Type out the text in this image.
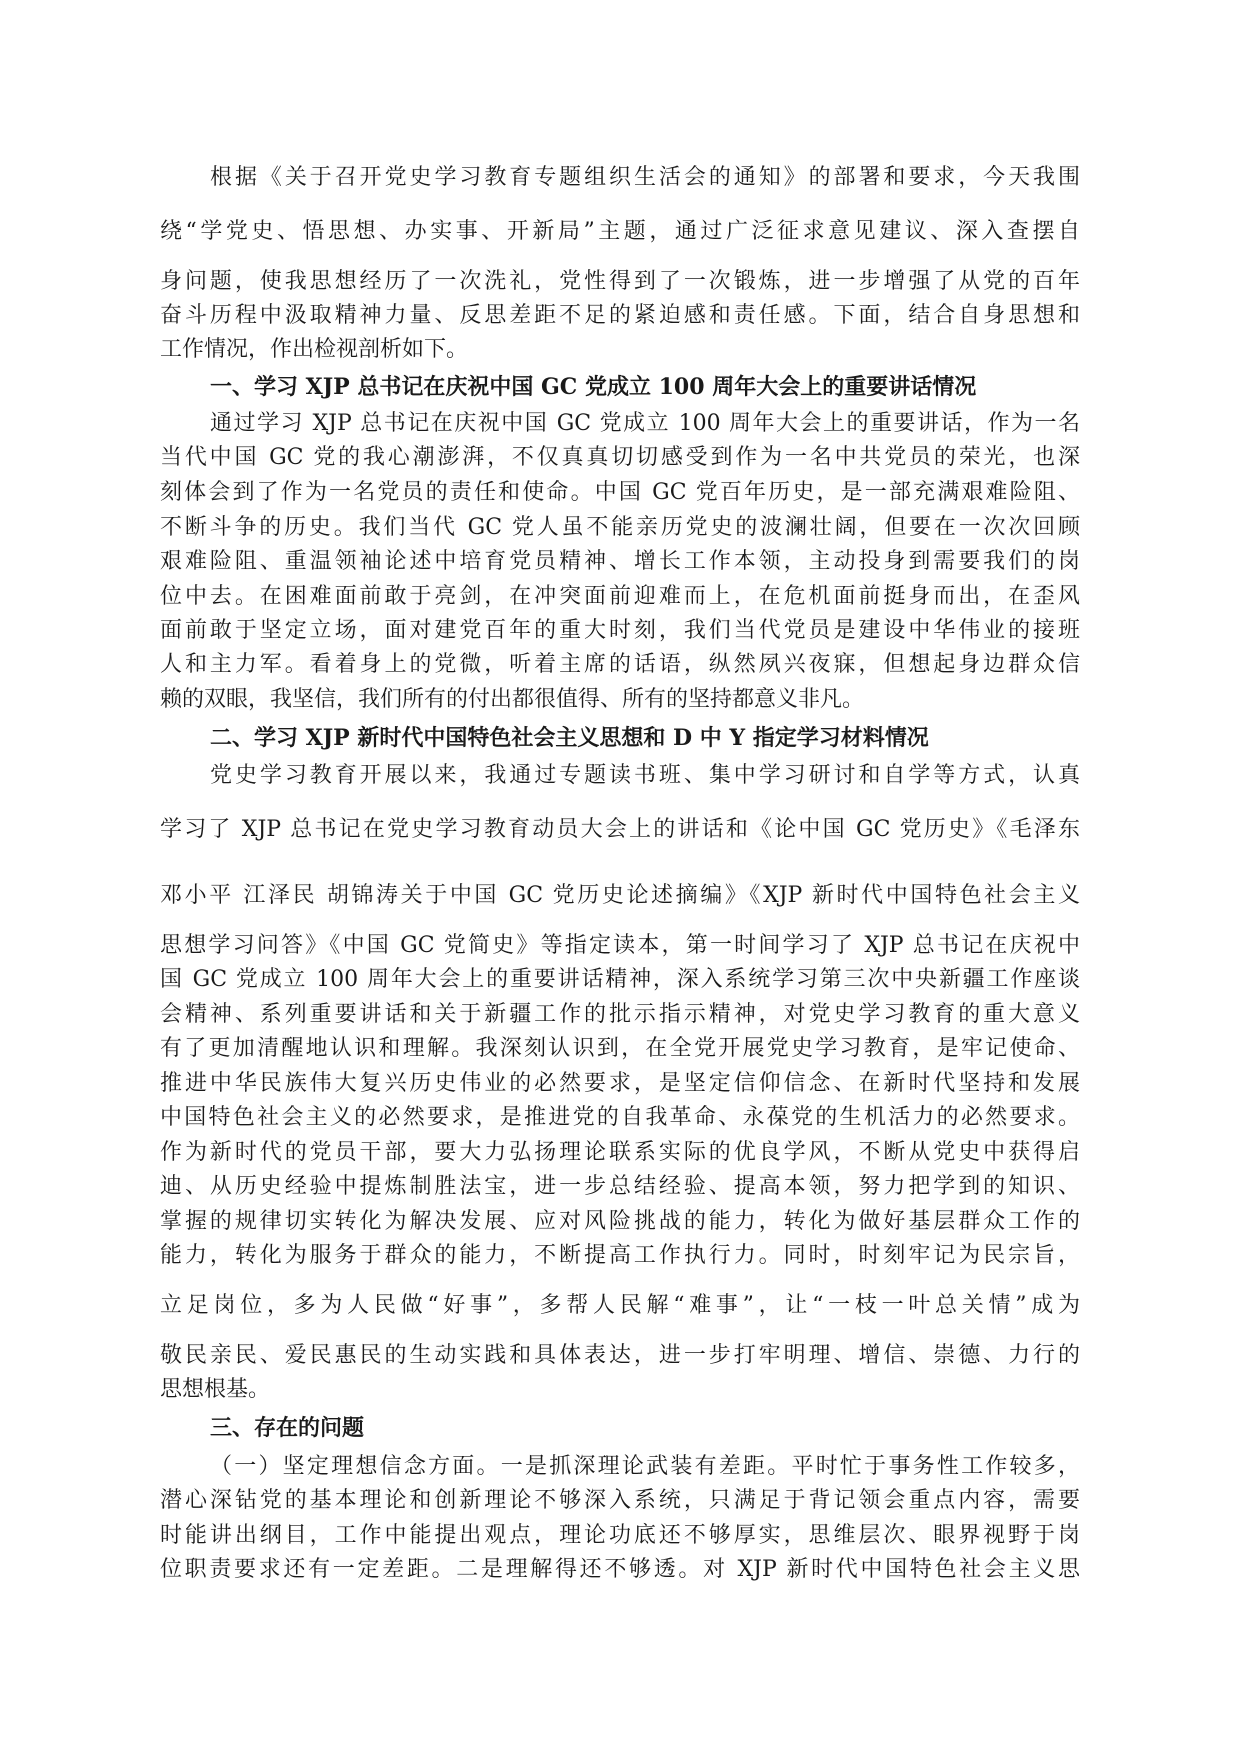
根据《关于召开党史学习教育专题组织生活会的通知》的部署和要求，今天我围
绕“学党史、悟思想、办实事、开新局”主题，通过广泛征求意见建议、深入查摆自
身问题，使我思想经历了一次洗礼，党性得到了一次锻炼，进一步增强了从党的百年
奋斗历程中汲取精神力量、反思差距不足的紧迫感和责任感。下面，结合自身思想和
工作情况，作出检视剖析如下。
一、学习 XJP 总书记在庆祝中国 GC 党成立 100 周年大会上的重要讲话情况
通过学习 XJP 总书记在庆祝中国 GC 党成立 100 周年大会上的重要讲话，作为一名
当代中国 GC 党的我心潮澎湃，不仅真真切切感受到作为一名中共党员的荣光，也深
刻体会到了作为一名党员的责任和使命。中国 GC 党百年历史，是一部充满艰难险阻、
不断斗争的历史。我们当代 GC 党人虽不能亲历党史的波澜壮阔，但要在一次次回顾
艰难险阻、重温领袖论述中培育党员精神、增长工作本领，主动投身到需要我们的岗
位中去。在困难面前敢于亮剑，在冲突面前迎难而上，在危机面前挺身而出，在歪风
面前敢于坚定立场，面对建党百年的重大时刻，我们当代党员是建设中华伟业的接班
人和主力军。看着身上的党微，听着主席的话语，纵然夙兴夜寐，但想起身边群众信
赖的双眼，我坚信，我们所有的付出都很值得、所有的坚持都意义非凡。
二、学习 XJP 新时代中国特色社会主义思想和 D 中 Y 指定学习材料情况
党史学习教育开展以来，我通过专题读书班、集中学习研讨和自学等方式，认真
学习了 XJP 总书记在党史学习教育动员大会上的讲话和《论中国 GC 党历史》《毛泽东
邓小平 江泽民 胡锦涛关于中国 GC 党历史论述摘编》《XJP 新时代中国特色社会主义
思想学习问答》《中国 GC 党简史》等指定读本，第一时间学习了 XJP 总书记在庆祝中
国 GC 党成立 100 周年大会上的重要讲话精神，深入系统学习第三次中央新疆工作座谈
会精神、系列重要讲话和关于新疆工作的批示指示精神，对党史学习教育的重大意义
有了更加清醒地认识和理解。我深刻认识到，在全党开展党史学习教育，是牢记使命、
推进中华民族伟大复兴历史伟业的必然要求，是坚定信仰信念、在新时代坚持和发展
中国特色社会主义的必然要求，是推进党的自我革命、永葆党的生机活力的必然要求。
作为新时代的党员干部，要大力弘扬理论联系实际的优良学风，不断从党史中获得启
迪、从历史经验中提炼制胜法宝，进一步总结经验、提高本领，努力把学到的知识、
掌握的规律切实转化为解决发展、应对风险挑战的能力，转化为做好基层群众工作的
能力，转化为服务于群众的能力，不断提高工作执行力。同时，时刻牢记为民宗旨，
立足岗位，多为人民做“好事”，多帮人民解“难事”，让“一枝一叶总关情”成为
敬民亲民、爱民惠民的生动实践和具体表达，进一步打牢明理、增信、崇德、力行的
思想根基。
三、存在的问题
（一）坚定理想信念方面。一是抓深理论武装有差距。平时忙于事务性工作较多，
潜心深钻党的基本理论和创新理论不够深入系统，只满足于背记领会重点内容，需要
时能讲出纲目，工作中能提出观点，理论功底还不够厚实，思维层次、眼界视野于岗
位职责要求还有一定差距。二是理解得还不够透。对 XJP 新时代中国特色社会主义思
